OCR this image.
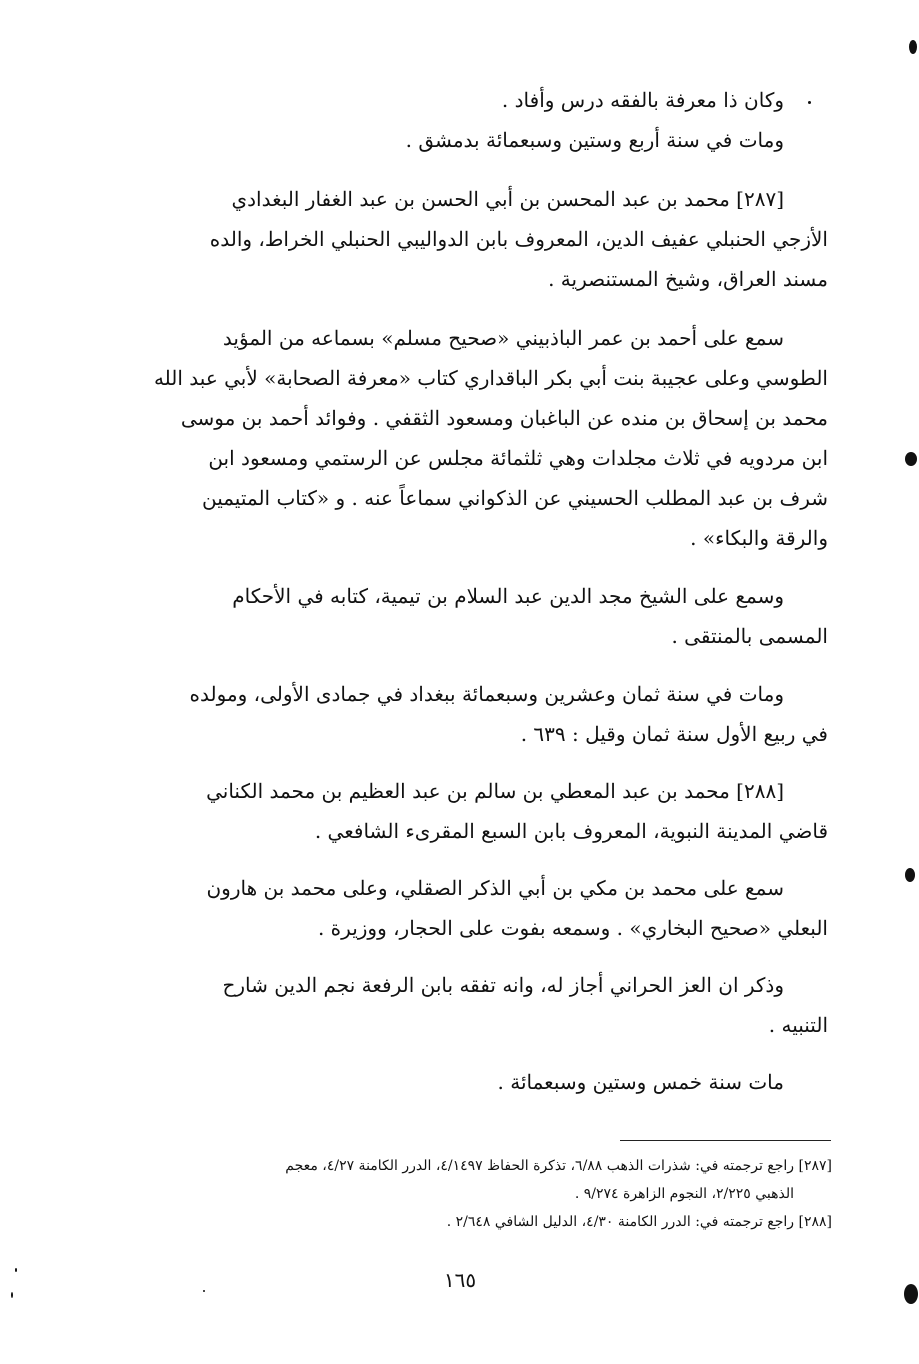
وكان ذا معرفة بالفقه درس وأفاد .
ومات في سنة أربع وستين وسبعمائة بدمشق .
[٢٨٧] محمد بن عبد المحسن بن أبي الحسن بن عبد الغفار البغدادي
الأزجي الحنبلي عفيف الدين، المعروف بابن الدواليبي الحنبلي الخراط، والده
مسند العراق، وشيخ المستنصرية .
سمع على أحمد بن عمر الباذبيني «صحيح مسلم» بسماعه من المؤيد
الطوسي وعلى عجيبة بنت أبي بكر الباقداري كتاب «معرفة الصحابة» لأبي عبد الله
محمد بن إسحاق بن منده عن الباغبان ومسعود الثقفي . وفوائد أحمد بن موسى
ابن مردويه في ثلاث مجلدات وهي ثلثمائة مجلس عن الرستمي ومسعود ابن
شرف بن عبد المطلب الحسيني عن الذكواني سماعاً عنه . و «كتاب المتيمين
والرقة والبكاء» .
وسمع على الشيخ مجد الدين عبد السلام بن تيمية، كتابه في الأحكام
المسمى بالمنتقى .
ومات في سنة ثمان وعشرين وسبعمائة ببغداد في جمادى الأولى، ومولده
في ربيع الأول سنة ثمان وقيل : ٦٣٩ .
[٢٨٨] محمد بن عبد المعطي بن سالم بن عبد العظيم بن محمد الكناني
قاضي المدينة النبوية، المعروف بابن السبع المقرىء الشافعي .
سمع على محمد بن مكي بن أبي الذكر الصقلي، وعلى محمد بن هارون
البعلي «صحيح البخاري» . وسمعه بفوت على الحجار، ووزيرة .
وذكر ان العز الحراني أجاز له، وانه تفقه بابن الرفعة نجم الدين شارح
التنبيه .
مات سنة خمس وستين وسبعمائة .
[٢٨٧] راجع ترجمته في: شذرات الذهب ٦/٨٨، تذكرة الحفاظ ٤/١٤٩٧، الدرر الكامنة ٤/٢٧، معجم
الذهبي ٢/٢٢٥، النجوم الزاهرة ٩/٢٧٤ .
[٢٨٨] راجع ترجمته في: الدرر الكامنة ٤/٣٠، الدليل الشافي ٢/٦٤٨ .
١٦٥
